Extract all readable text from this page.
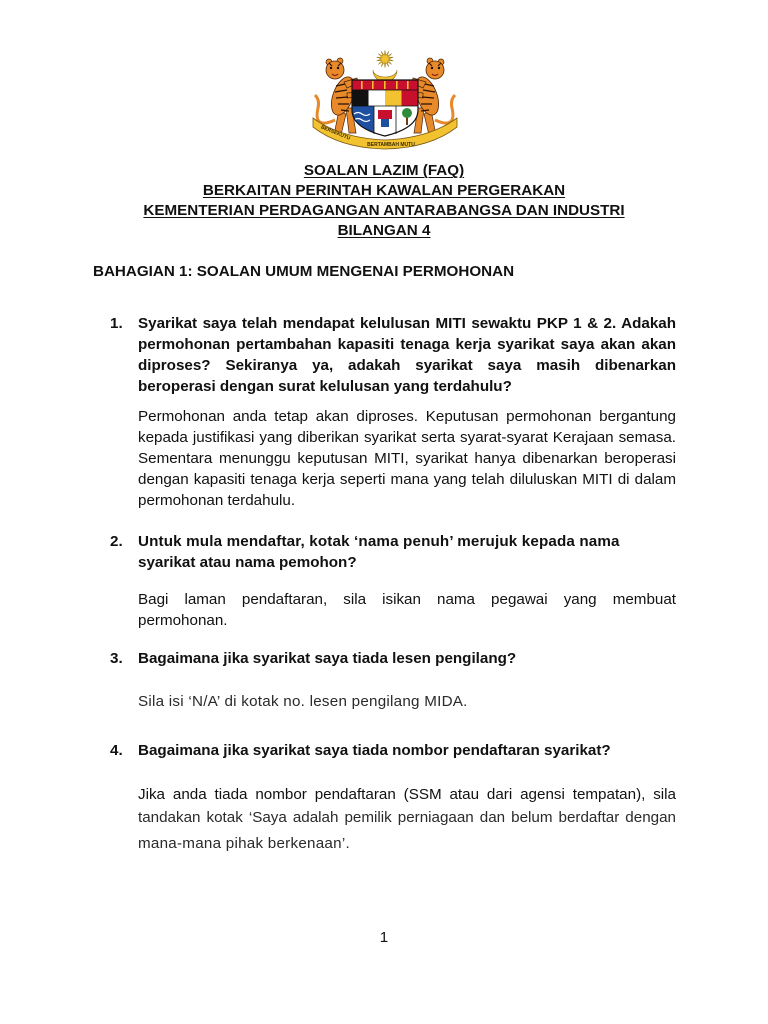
BERSEKUTU
BERTAMBAH MUTU
SOALAN LAZIM (FAQ)
BERKAITAN PERINTAH KAWALAN PERGERAKAN
KEMENTERIAN PERDAGANGAN ANTARABANGSA DAN INDUSTRI
BILANGAN 4
BAHAGIAN 1: SOALAN UMUM MENGENAI PERMOHONAN
1. Syarikat saya telah mendapat kelulusan MITI sewaktu PKP 1 & 2. Adakah
permohonan pertambahan kapasiti tenaga kerja syarikat saya akan akan
diproses? Sekiranya ya, adakah syarikat saya masih dibenarkan
beroperasi dengan surat kelulusan yang terdahulu?
Permohonan anda tetap akan diproses. Keputusan permohonan bergantung
kepada justifikasi yang diberikan syarikat serta syarat-syarat Kerajaan semasa.
Sementara menunggu keputusan MITI, syarikat hanya dibenarkan beroperasi
dengan kapasiti tenaga kerja seperti mana yang telah diluluskan MITI di dalam
permohonan terdahulu.
2. Untuk mula mendaftar, kotak ‘nama penuh’ merujuk kepada nama
syarikat atau nama pemohon?
Bagi laman pendaftaran, sila isikan nama pegawai yang membuat
permohonan.
3. Bagaimana jika syarikat saya tiada lesen pengilang?
Sila isi ‘N/A’ di kotak no. lesen pengilang MIDA.
4. Bagaimana jika syarikat saya tiada nombor pendaftaran syarikat?
Jika anda tiada nombor pendaftaran (SSM atau dari agensi tempatan), sila
tandakan kotak ‘Saya adalah pemilik perniagaan dan belum berdaftar dengan
mana-mana pihak berkenaan’.
1
